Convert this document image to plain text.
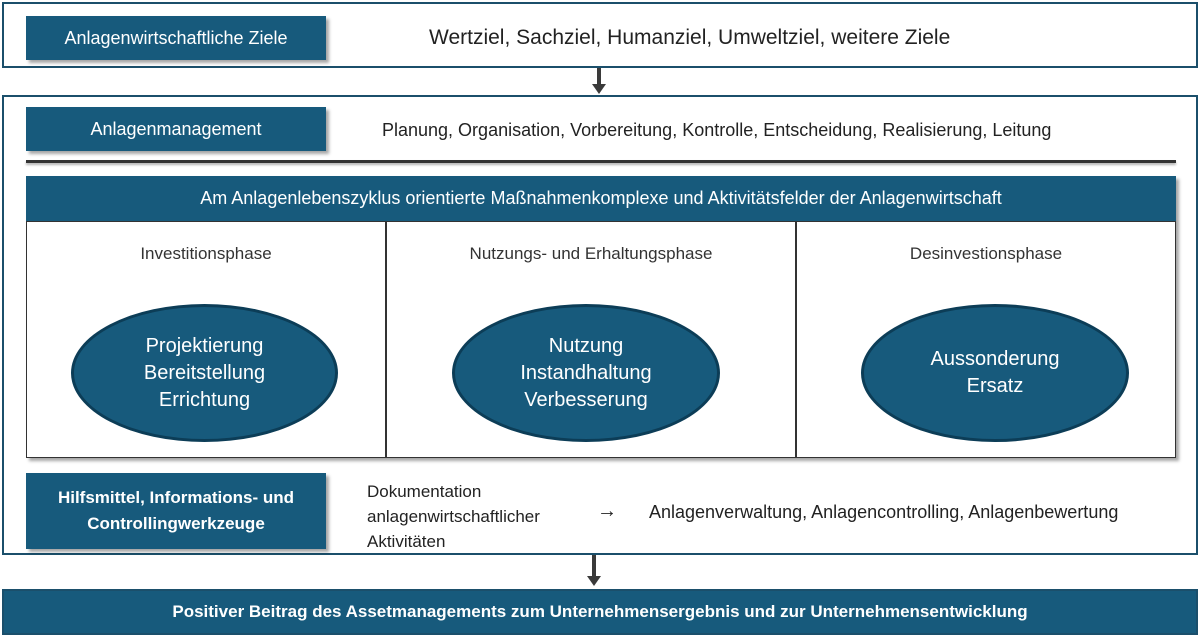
Anlagenwirtschaftliche Ziele	Wertziel, Sachziel, Humanziel, Umweltziel, weitere Ziele
Anlagenmanagement	Planung, Organisation, Vorbereitung, Kontrolle, Entscheidung, Realisierung, Leitung
Am Anlagenlebenszyklus orientierte Maßnahmenkomplexe und Aktivitätsfelder der Anlagenwirtschaft
Investitionsphase
Projektierung
Bereitstellung
Errichtung
Nutzungs- und Erhaltungsphase
Nutzung
Instandhaltung
Verbesserung
Desinvestionsphase
Aussonderung
Ersatz
Hilfsmittel, Informations- und
Controllingwerkzeuge
Dokumentation
anlagenwirtschaftlicher
Aktivitäten
→ Anlagenverwaltung, Anlagencontrolling, Anlagenbewertung
Positiver Beitrag des Assetmanagements zum Unternehmensergebnis und zur Unternehmensentwicklung
